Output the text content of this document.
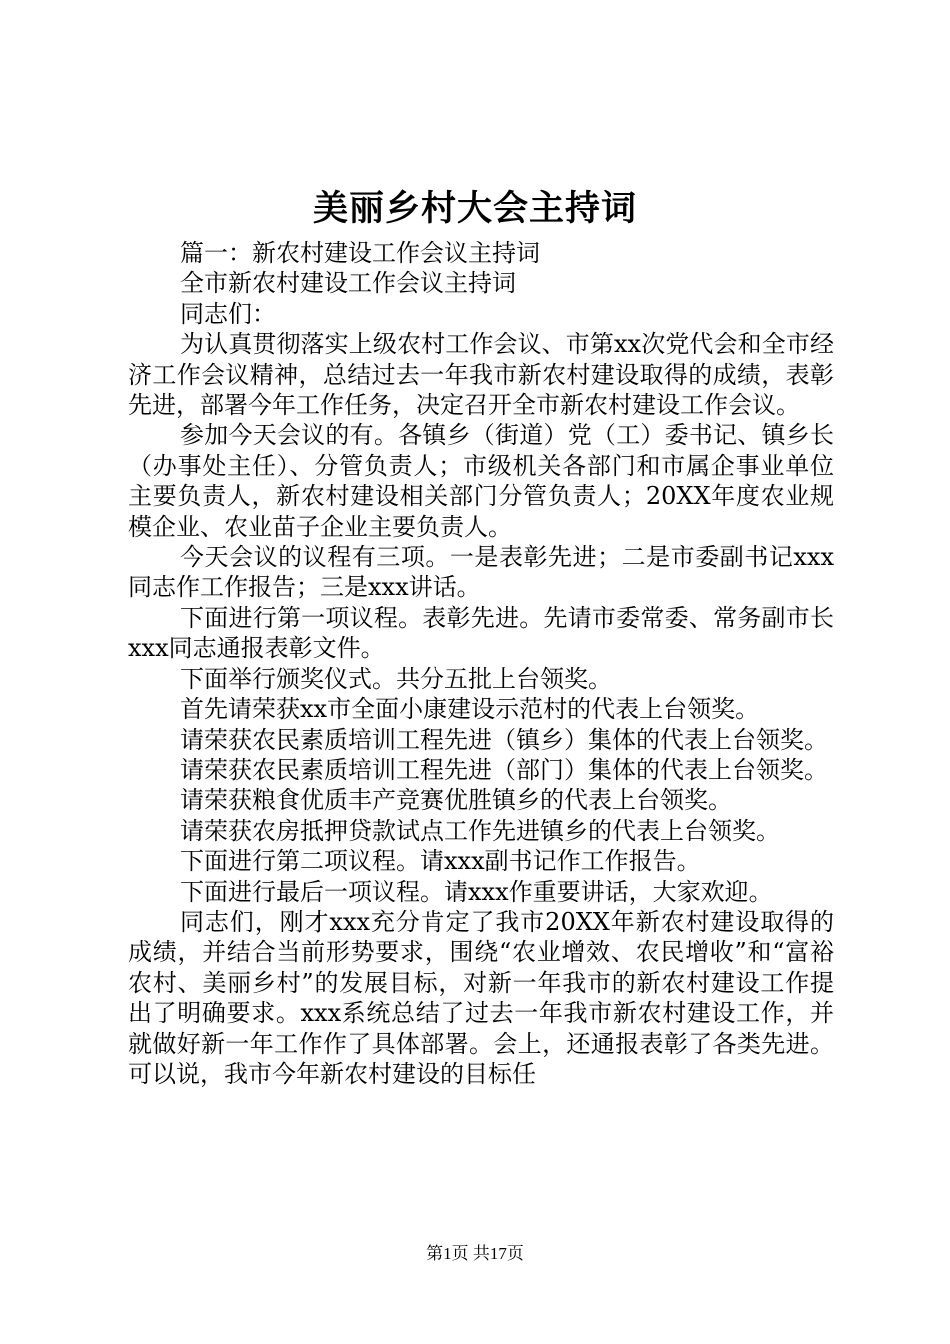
美丽乡村大会主持词

篇一：新农村建设工作会议主持词

全市新农村建设工作会议主持词

同志们：

为认真贯彻落实上级农村工作会议、市第xx次党代会和全市经济工作会议精神，总结过去一年我市新农村建设取得的成绩，表彰先进，部署今年工作任务，决定召开全市新农村建设工作会议。

参加今天会议的有。各镇乡（街道）党（工）委书记、镇乡长（办事处主任）、分管负责人；市级机关各部门和市属企事业单位主要负责人，新农村建设相关部门分管负责人；20XX年度农业规模企业、农业苗子企业主要负责人。

今天会议的议程有三项。一是表彰先进；二是市委副书记xxx同志作工作报告；三是xxx讲话。

下面进行第一项议程。表彰先进。先请市委常委、常务副市长xxx同志通报表彰文件。

下面举行颁奖仪式。共分五批上台领奖。

首先请荣获xx市全面小康建设示范村的代表上台领奖。

请荣获农民素质培训工程先进（镇乡）集体的代表上台领奖。

请荣获农民素质培训工程先进（部门）集体的代表上台领奖。

请荣获粮食优质丰产竞赛优胜镇乡的代表上台领奖。

请荣获农房抵押贷款试点工作先进镇乡的代表上台领奖。

下面进行第二项议程。请xxx副书记作工作报告。

下面进行最后一项议程。请xxx作重要讲话，大家欢迎。

同志们，刚才xxx充分肯定了我市20XX年新农村建设取得的成绩，并结合当前形势要求，围绕“农业增效、农民增收”和“富裕农村、美丽乡村”的发展目标，对新一年我市的新农村建设工作提出了明确要求。xxx系统总结了过去一年我市新农村建设工作，并就做好新一年工作作了具体部署。会上，还通报表彰了各类先进。可以说，我市今年新农村建设的目标任

第1页 共17页
